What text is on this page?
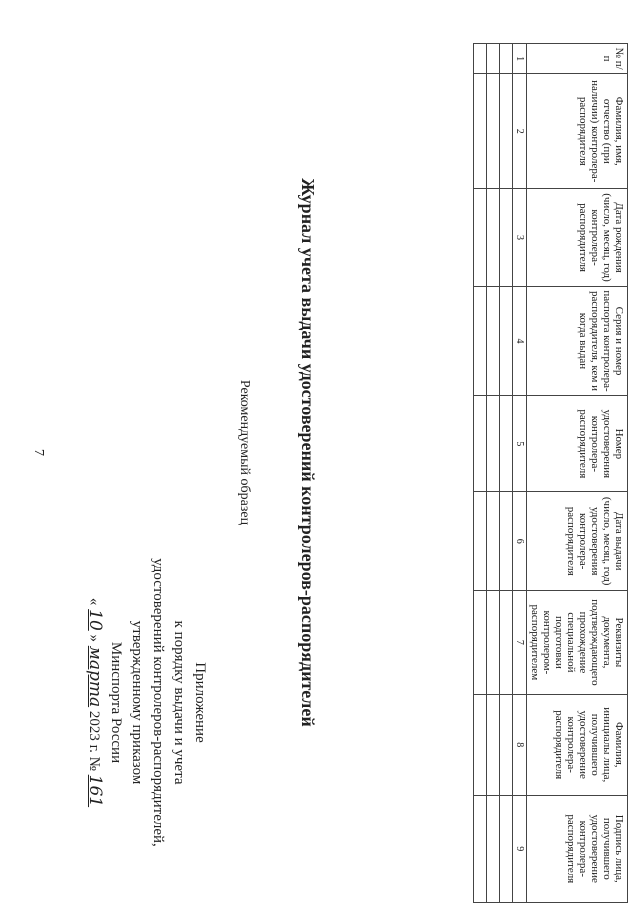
7
Приложение
к порядку выдачи и учета
удостоверений контролеров-распорядителей,
утвержденному приказом
Минспорта России
« 10 » марта 2023 г. № 161
Рекомендуемый образец	Журнал учета выдачи удостоверений контролеров-распорядителей
№ п/п	Фамилия, имя, отчество (при наличии) контролера-распорядителя	Дата рождения (число, месяц, год) контролера-распорядителя	Серия и номер паспорта контролера-распорядителя, кем и когда выдан	Номер удостоверения контролера-распорядителя	Дата выдачи (число, месяц, год) удостоверения контролера-распорядителя	Реквизиты документа, подтверждающего прохождение специальной подготовки контролером-распорядителем	Фамилия, инициалы лица, получившего удостоверение контролера-распорядителя	Подпись лица, получившего удостоверение контролера-распорядителя
1	2	3	4	5	6	7	8	9
